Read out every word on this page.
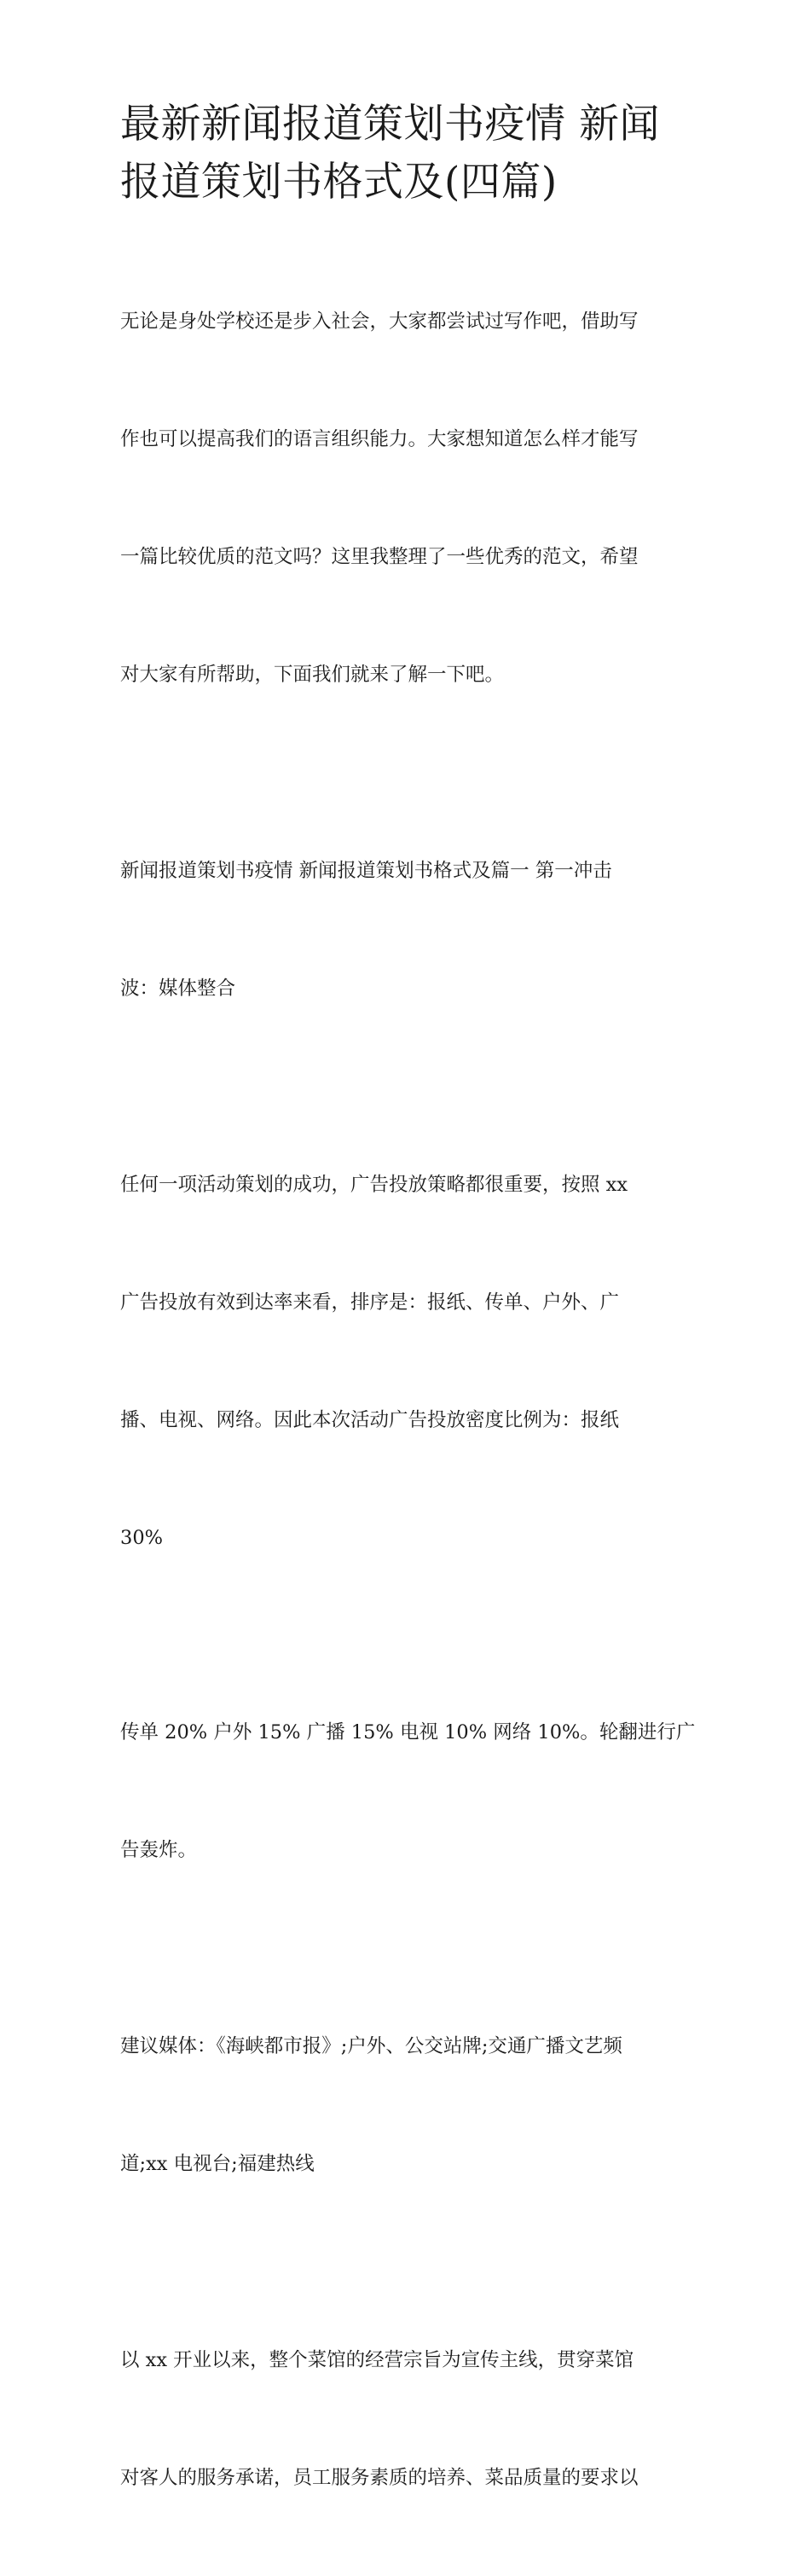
最新新闻报道策划书疫情 新闻
报道策划书格式及(四篇)

无论是身处学校还是步入社会，大家都尝试过写作吧，借助写

作也可以提高我们的语言组织能力。大家想知道怎么样才能写

一篇比较优质的范文吗？这里我整理了一些优秀的范文，希望

对大家有所帮助，下面我们就来了解一下吧。

新闻报道策划书疫情 新闻报道策划书格式及篇一 第一冲击

波：媒体整合

任何一项活动策划的成功，广告投放策略都很重要，按照 xx

广告投放有效到达率来看，排序是：报纸、传单、户外、广

播、电视、网络。因此本次活动广告投放密度比例为：报纸

30%

传单 20% 户外 15% 广播 15% 电视 10% 网络 10%。轮翻进行广

告轰炸。

建议媒体：《海峡都市报》;户外、公交站牌;交通广播文艺频

道;xx 电视台;福建热线

以 xx 开业以来，整个菜馆的经营宗旨为宣传主线，贯穿菜馆

对客人的服务承诺，员工服务素质的培养、菜品质量的要求以
